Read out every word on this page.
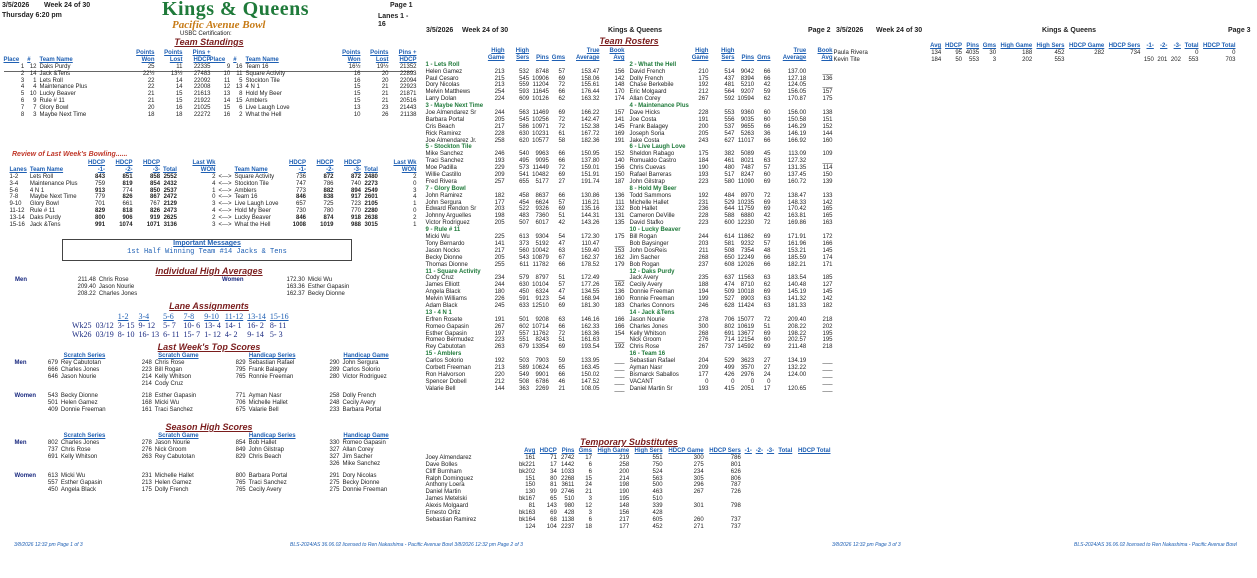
3/5/2026 Week 24 of 30	Kings & Queens	Page 1
Thursday 6:20 pm
Pacific Avenue Bowl
USBC Certification:
Lanes 1 - 16
Team Standings
Place	#	Team Name	Points Won	Points Lost	Pins + HDCP
1	12	Daks Purdy	25	11	22335
2	14	Jack &Tens	22½	13½	27483
3	1	Lets Roll	22	14	22092
4	4	Maintenance Plus	22	14	22008
5	10	Lucky Beaver	21	15	21613
6	9	Rule # 11	21	15	21922
7	7	Glory Bowl	20	16	21025
8	3	Maybe Next Time	18	18	22272
Place	#	Team Name	Points Won	Points Lost	Pins + HDCP
9	16	Team 16	16½	19½	21352
10	11	Square Activity	16	20	22893
11	5	Stockton Tile	16	20	22094
12	13	4 N 1	15	21	22923
13	8	Hold My Beer	15	21	21871
14	15	Amblers	15	21	20516
15	6	Live Laugh Love	13	23	21443
16	2	What the Hell	10	26	21138
Review of Last Week's Bowling......
Lanes	Team Name	HDCP -1-	HDCP -2-	HDCP -3-	Total	Last Wk WON		Team Name	HDCP -1-	HDCP -2-	HDCP -3-	Total	Last Wk WON
1-2	Lets Roll	843	851	858	2552	2	<--->	Square Activity	736	872	872	2480	2
3-4	Maintenance Plus	759	819	854	2432	4	<--->	Stockton Tile	747	786	740	2273	0
5-6	4 N 1	913	774	850	2537	1	<--->	Amblers	773	882	894	2549	3
7-8	Maybe Next Time	779	826	867	2472	0	<--->	Team 16	846	838	917	2601	4
9-10	Glory Bowl	701	661	767	2129	3	<--->	Live Laugh Love	657	725	723	2105	1
11-12	Rule # 11	829	818	826	2473	4	<--->	Hold My Beer	730	780	770	2280	0
13-14	Daks Purdy	800	906	919	2625	2	<--->	Lucky Beaver	846	874	918	2638	2
15-16	Jack &Tens	991	1074	1071	3136	3	<--->	What the Hell	1008	1019	988	3015	1
Important Messages
1st Half Winning Team #14 Jacks & Tens
Individual High Averages
Men	Women
211.48	Chris Rose
209.40	Jason Nourie
208.22	Charles Jones
172.30	Micki Wu
163.36	Esther Gapasin
162.37	Becky Dionne
Lane Assignments
		1-2	3-4	5-6	7-8	9-10	11-12	13-14	15-16
Wk25	03/12	3- 15	9- 12	5- 7	10- 6	13- 4	14- 1	16- 2	8- 11
Wk26	03/19	8- 10	16- 13	6- 11	15- 7	1- 12	4- 2	9- 14	5- 3
Last Week's Top Scores
	Scratch Series		Scratch Game		Handicap Series		Handicap Game	
Men	679	Rey Cabutotan	248	Chris Rose	829	Sebastian Rafael	290	John Sergura
	666	Charles Jones	223	Bill Rogan	795	Frank Balagey	289	Carlos Solorio
	646	Jason Nourie	214	Kelly Whitson	765	Ronnie Freeman	280	Victor Rodriguez
			214	Cody Cruz				

Women	543	Becky Dionne	218	Esther Gapasin	771	Ayman Nasr	258	Dolly French
	501	Helen Gamez	168	Micki Wu	706	Michelle Hallet	248	Cecily Avery
	409	Donnie Freeman	161	Traci Sanchez	675	Valarie Bell	233	Barbara Portal

Season High Scores
	Scratch Series		Scratch Game		Handicap Series		Handicap Game	
Men	802	Charles Jones	278	Jason Nourie	854	Bob Hallet	330	Romeo Gapasin
	737	Chris Rose	276	Nick Groom	849	John Gilstrap	327	Allan Corey
	691	Kelly Whitson	263	Rey Cabutotan	829	Chris Beach	327	Jim Sacher
							326	Mike Sanchez

Women	613	Micki Wu	231	Michelle Hallet	800	Barbara Portal	291	Dory Nicolas
	557	Esther Gapasin	213	Helen Gamez	765	Traci Sanchez	275	Becky Dionne
	450	Angela Black	175	Dolly French	765	Cecily Avery	275	Donnie Freeman

3/8/2026 12:32 pm Page 1 of 3
3/5/2026 Week 24 of 30	Kings & Queens	Page 2
Team Rosters
	High Game	High Sers	Pins	Gms	True Average	Book Avg
1 - Lets Roll						
Helen Gamez	213	532	8748	57	153.47	156
Paul Cesaro	215	545	10906	69	158.06	142
Dory Nicolas	213	559	11204	72	155.61	148
Melvin Matthews	254	593	11645	66	176.44	170
Larry Dolan	224	609	10126	62	163.32	174
3 - Maybe Next Time						
Joe Almendarez Sr	244	563	11469	69	166.22	157
Barbara Portal	205	545	10256	72	142.47	141
Cris Beach	217	586	10971	72	152.38	145
Rick Ramirez	228	630	10231	61	167.72	169
Joe Almendarez Jr.	258	620	10577	58	182.36	191
5 - Stockton Tile						
Mike Sanchez	246	540	9963	66	150.95	152
Traci Sanchez	193	495	9095	66	137.80	140
Moe Padilla	229	573	11449	72	159.01	156
Willie Castillo	209	541	10482	69	151.91	150
Fred Rivera	257	655	5177	27	191.74	187
7 - Glory Bowl						
John Ramirez	182	458	8637	66	130.86	136
John Sergura	177	454	6624	57	116.21	111
Edward Rendon Sr	203	522	9326	69	135.16	132
Johnny Arguelles	198	483	7360	51	144.31	131
Victor Rodriguez	205	507	6017	42	143.26	135
9 - Rule # 11						
Micki Wu	225	613	9304	54	172.30	175
Tony Bernardo	141	373	5192	47	110.47	___
Jason Nocks	217	560	10042	63	159.40	153
Becky Dionne	205	543	10879	67	162.37	162
Thomas Dionne	255	611	11782	66	178.52	179
11 - Square Activity						
Cody Cruz	234	579	8797	51	172.49	___
James Elliott	244	630	10104	57	177.26	162
Angela Black	180	450	6324	47	134.55	136
Melvin Williams	226	591	9123	54	168.94	160
Adam Black	245	633	12510	69	181.30	183
13 - 4 N 1						
Erfren Rosete	191	501	9208	63	146.16	166
Romeo Gapasin	267	602	10714	66	162.33	166
Esther Gapasin	197	557	11762	72	163.36	154
Romeo Bermudez	223	551	8243	51	161.63	___
Rey Cabutotan	263	679	13354	69	193.54	192
15 - Amblers						
Carlos Solorio	192	503	7903	59	133.95	___
Corbett Freeman	213	589	10624	65	163.45	___
Ron Halvorson	220	549	9901	66	150.02	___
Spencer Dobell	212	508	6786	46	147.52	___
Valarie Bell	144	363	2269	21	108.05	___
	High Game	High Sers	Pins	Gms	True Average	Book Avg
2 - What the Hell						
David French	210	514	9042	66	137.00	___
Dolly French	175	437	8394	66	127.18	136
Chase Berkebile	192	481	5210	42	124.05	___
Eric Molgaard	212	564	9207	59	156.05	157
Allan Corey	267	592	10594	62	170.87	175
4 - Maintenance Plus						
Dave Hicks	228	553	9360	60	156.00	138
Joe Costa	191	556	9035	60	150.58	151
Frank Balagey	200	537	9655	66	146.29	152
Joseph Soria	205	547	5263	36	146.19	144
Jake Costa	243	627	11017	66	166.92	160
6 - Live Laugh Love						
Sheldon Rabago	175	382	5089	45	113.09	109
Romualdo Castro	184	461	8021	63	127.32	___
Chris Cuevas	190	480	7487	57	131.35	114
Rafael Barreras	193	517	8247	60	137.45	150
John Gilstrap	223	580	11090	69	160.72	139
8 - Hold My Beer						
Todd Sammons	192	484	8970	72	138.47	133
Michelle Hallet	231	529	10235	69	148.33	142
Bob Hallet	236	644	11759	69	170.42	165
Cameron DeVille	228	588	6880	42	163.81	165
David Stafko	223	600	12230	72	169.86	163
10 - Lucky Beaver						
Bill Rogan	244	614	11862	69	171.91	172
Bob Baysinger	203	581	9232	57	161.96	166
John DosReis	211	508	7354	48	153.21	145
Jim Sacher	268	650	12249	66	185.59	174
Bob Rogan	237	608	12026	66	182.21	171
12 - Daks Purdy						
Jack Avery	235	637	11563	63	183.54	185
Cecily Avery	188	474	8710	62	140.48	127
Donnie Freeman	194	509	10018	69	145.19	145
Ronnie Freeman	199	527	8903	63	141.32	142
Charles Connors	246	628	11424	63	181.33	182
14 - Jack &Tens						
Jason Nourie	278	706	15077	72	209.40	218
Charles Jones	300	802	10619	51	208.22	202
Kelly Whitson	268	691	13677	69	198.22	195
Nick Groom	276	714	12154	60	202.57	195
Chris Rose	267	737	14592	69	211.48	218
16 - Team 16						
Sebastian Rafael	204	529	3623	27	134.19	___
Ayman Nasr	209	499	3570	27	132.22	___
Bismarck Saballos	177	426	2976	24	124.00	___
VACANT	0	0	0	0		___
Daniel Martin Sr	193	415	2051	17	120.65	___
Temporary Substitutes
	Avg	HDCP	Pins	Gms	High Game	High Sers	HDCP Game	HDCP Sers	-1-	-2-	-3-	Total	HDCP Total
Joey Almendarez	161	71	2742	17	219	551	300	786					
Dave Bolles	bk221	17	1442	6	258	750	275	801					
Cliff Burnham	bk202	34	1033	6	200	524	234	626					
Ralph Dominguez	151	80	2268	15	214	563	305	806					
Anthony Loera	150	81	3611	24	198	500	296	787					
Daniel Martin	130	99	2746	21	190	463	267	726					
James Metelski	bk167	65	510	3	195	510							
Alexis Molgaard	81	143	980	12	148	339	301	798					
Ernesto Ortiz	bk163	69	428	3	156	428							
Sebastian Ramirez	bk164	68	1138	6	217	605	260	737					
	124	104	2237	18	177	452	271	737					
BLS-2024/AS 36.06.02 licensed to Ren Nakashima - Pacific Avenue Bowl 3/8/2026 12:32 pm Page 2 of 3
3/5/2026 Week 24 of 30	Kings & Queens	Page 3
	Avg	HDCP	Pins	Gms	High Game	High Sers	HDCP Game	HDCP Sers	-1-	-2-	-3-	Total	HDCP Total
Paula Rivera	134	95	4035	30	188	452	282	734				0	0
Kevin Tite	184	50	553	3	202	553			150	201	202	553	703
3/8/2026 12:32 pm Page 3 of 3	BLS-2024/AS 36.06.02 licensed to Ren Nakashima - Pacific Avenue Bowl
